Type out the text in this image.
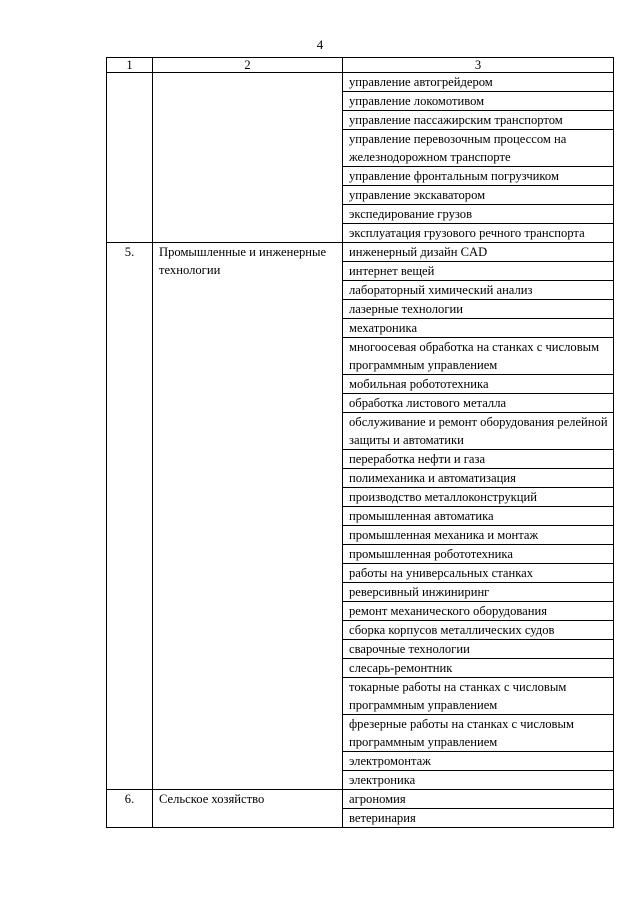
4
1	2	3
		управление автогрейдером
		управление локомотивом
		управление пассажирским транспортом
		управление перевозочным процессом на железнодорожном транспорте
		управление фронтальным погрузчиком
		управление экскаватором
		экспедирование грузов
		эксплуатация грузового речного транспорта
5.	Промышленные и инженерные технологии	инженерный дизайн CAD
		интернет вещей
		лабораторный химический анализ
		лазерные технологии
		мехатроника
		многоосевая обработка на станках с числовым программным управлением
		мобильная робототехника
		обработка листового металла
		обслуживание и ремонт оборудования релейной защиты и автоматики
		переработка нефти и газа
		полимеханика и автоматизация
		производство металлоконструкций
		промышленная автоматика
		промышленная механика и монтаж
		промышленная робототехника
		работы на универсальных станках
		реверсивный инжиниринг
		ремонт механического оборудования
		сборка корпусов металлических судов
		сварочные технологии
		слесарь-ремонтник
		токарные работы на станках с числовым программным управлением
		фрезерные работы на станках с числовым программным управлением
		электромонтаж
		электроника
6.	Сельское хозяйство	агрономия
		ветеринария
